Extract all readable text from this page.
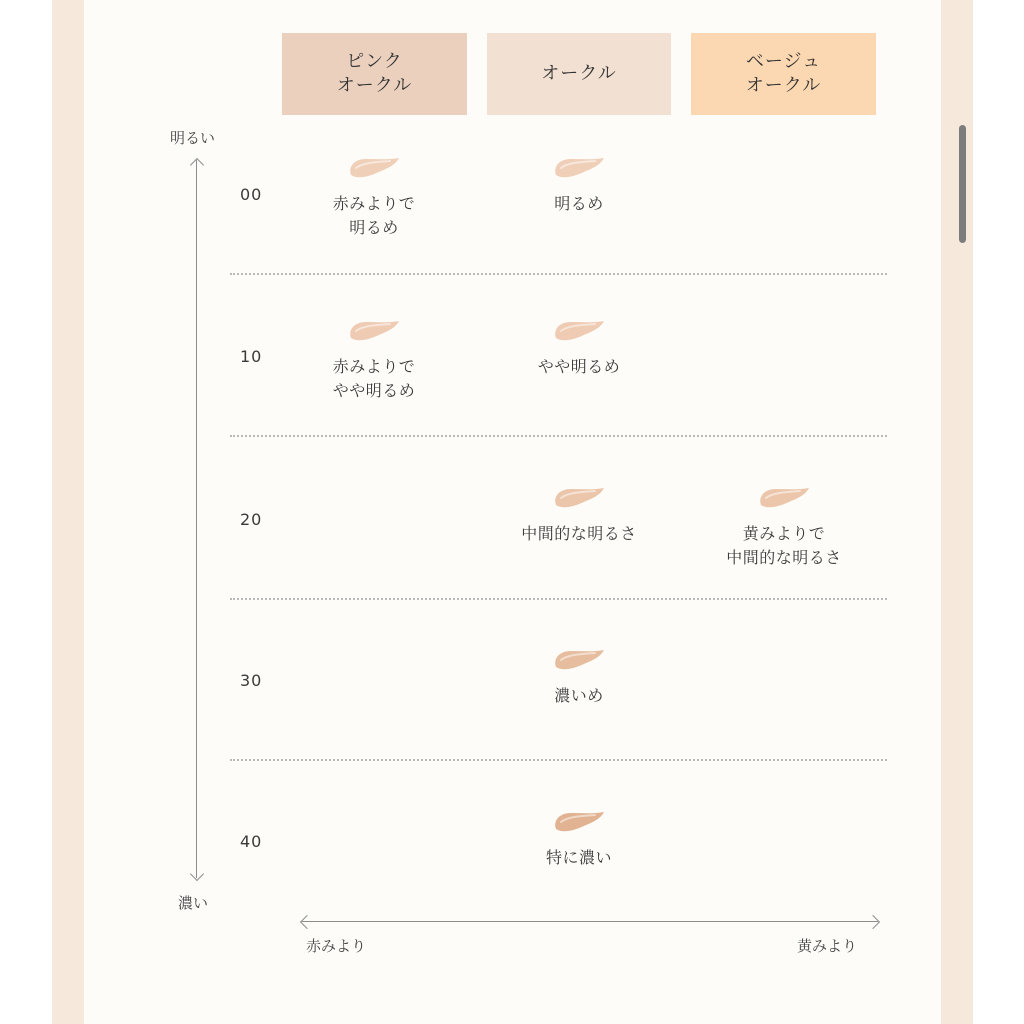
ピンク
オークル
オークル
ベージュ
オークル
明るい
濃い
赤みより	黄みより
00
10
20
30
40
赤みよりで
明るめ
明るめ
赤みよりで
やや明るめ
やや明るめ
中間的な明るさ	黄みよりで
中間的な明るさ
濃いめ
特に濃い
